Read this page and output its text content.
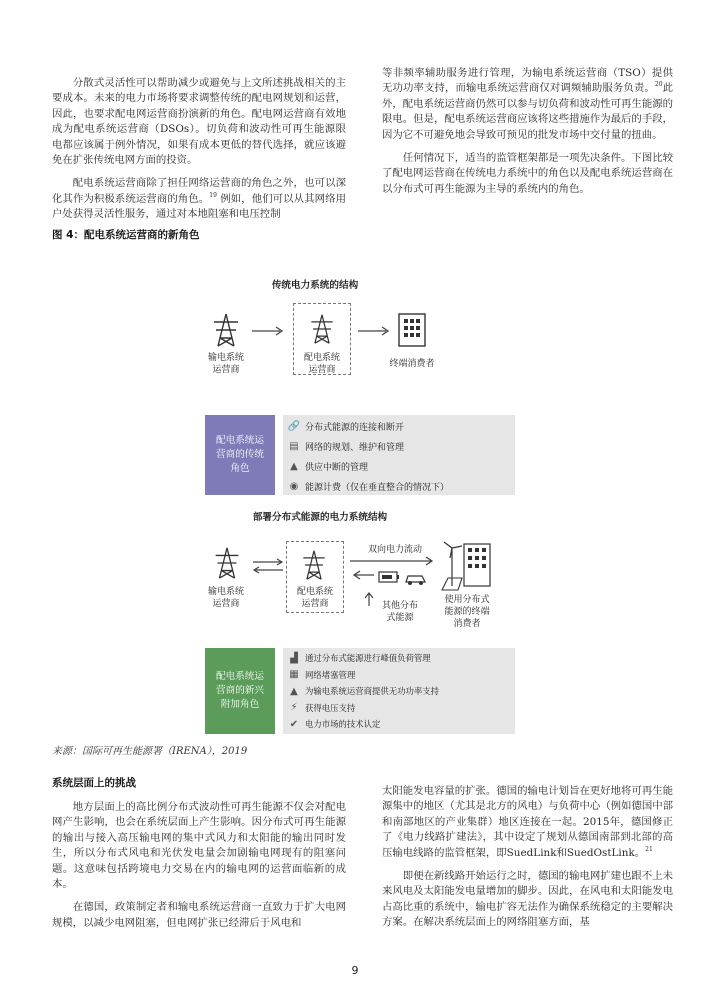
分散式灵活性可以帮助减少或避免与上文所述挑战相关的主要成本。未来的电力市场将要求调整传统的配电网规划和运营，因此，也要求配电网运营商扮演新的角色。配电网运营商有效地成为配电系统运营商（DSOs）。切负荷和波动性可再生能源限电都应该属于例外情况，如果有成本更低的替代选择，就应该避免在扩张传统电网方面的投资。

配电系统运营商除了担任网络运营商的角色之外，也可以深化其作为积极系统运营商的角色。$^{19}$ 例如，他们可以从其网络用户处获得灵活性服务，通过对本地阻塞和电压控制

等非频率辅助服务进行管理，为输电系统运营商（TSO）提供无功功率支持，而输电系统运营商仅对调频辅助服务负责。$^{20}$此外，配电系统运营商仍然可以参与切负荷和波动性可再生能源的限电。但是，配电系统运营商应该将这些措施作为最后的手段，因为它不可避免地会导致可预见的批发市场中交付量的扭曲。

任何情况下，适当的监管框架都是一项先决条件。下图比较了配电网运营商在传统电力系统中的角色以及配电系统运营商在以分布式可再生能源为主导的系统内的角色。

图 4：配电系统运营商的新角色
传统电力系统的结构
输电系统
运营商
配电系统
运营商
终端消费者
配电系统运
营商的传统
角色
🔗 分布式能源的连接和断开
▤ 网络的规划、维护和管理
▲ 供应中断的管理
◉ 能源计费（仅在垂直整合的情况下）
部署分布式能源的电力系统结构
双向电力流动
输电系统
运营商
配电系统
运营商	其他分布
式能源
使用分布式
能源的终端
消费者
配电系统运
营商的新兴
附加角色
▟ 通过分布式能源进行峰值负荷管理
▦ 网络堵塞管理
▲ 为输电系统运营商提供无功功率支持
⚡ 获得电压支持
✔ 电力市场的技术认定
来源：国际可再生能源署（IRENA），2019
系统层面上的挑战

地方层面上的高比例分布式波动性可再生能源不仅会对配电网产生影响，也会在系统层面上产生影响。因分布式可再生能源的输出与接入高压输电网的集中式风力和太阳能的输出同时发生，所以分布式风电和光伏发电量会加剧输电网现有的阻塞问题。这意味包括跨境电力交易在内的输电网的运营面临新的成本。

在德国，政策制定者和输电系统运营商一直致力于扩大电网规模，以减少电网阻塞，但电网扩张已经滞后于风电和

太阳能发电容量的扩张。德国的输电计划旨在更好地将可再生能源集中的地区（尤其是北方的风电）与负荷中心（例如德国中部和南部地区的产业集群）地区连接在一起。2015年，德国修正了《电力线路扩建法》，其中设定了规划从德国南部到北部的高压输电线路的监管框架，即SuedLink和SuedOstLink。$^{21}$

即便在新线路开始运行之时，德国的输电网扩建也跟不上未来风电及太阳能发电量增加的脚步。因此，在风电和太阳能发电占高比重的系统中，输电扩容无法作为确保系统稳定的主要解决方案。在解决系统层面上的网络阻塞方面，基

9
